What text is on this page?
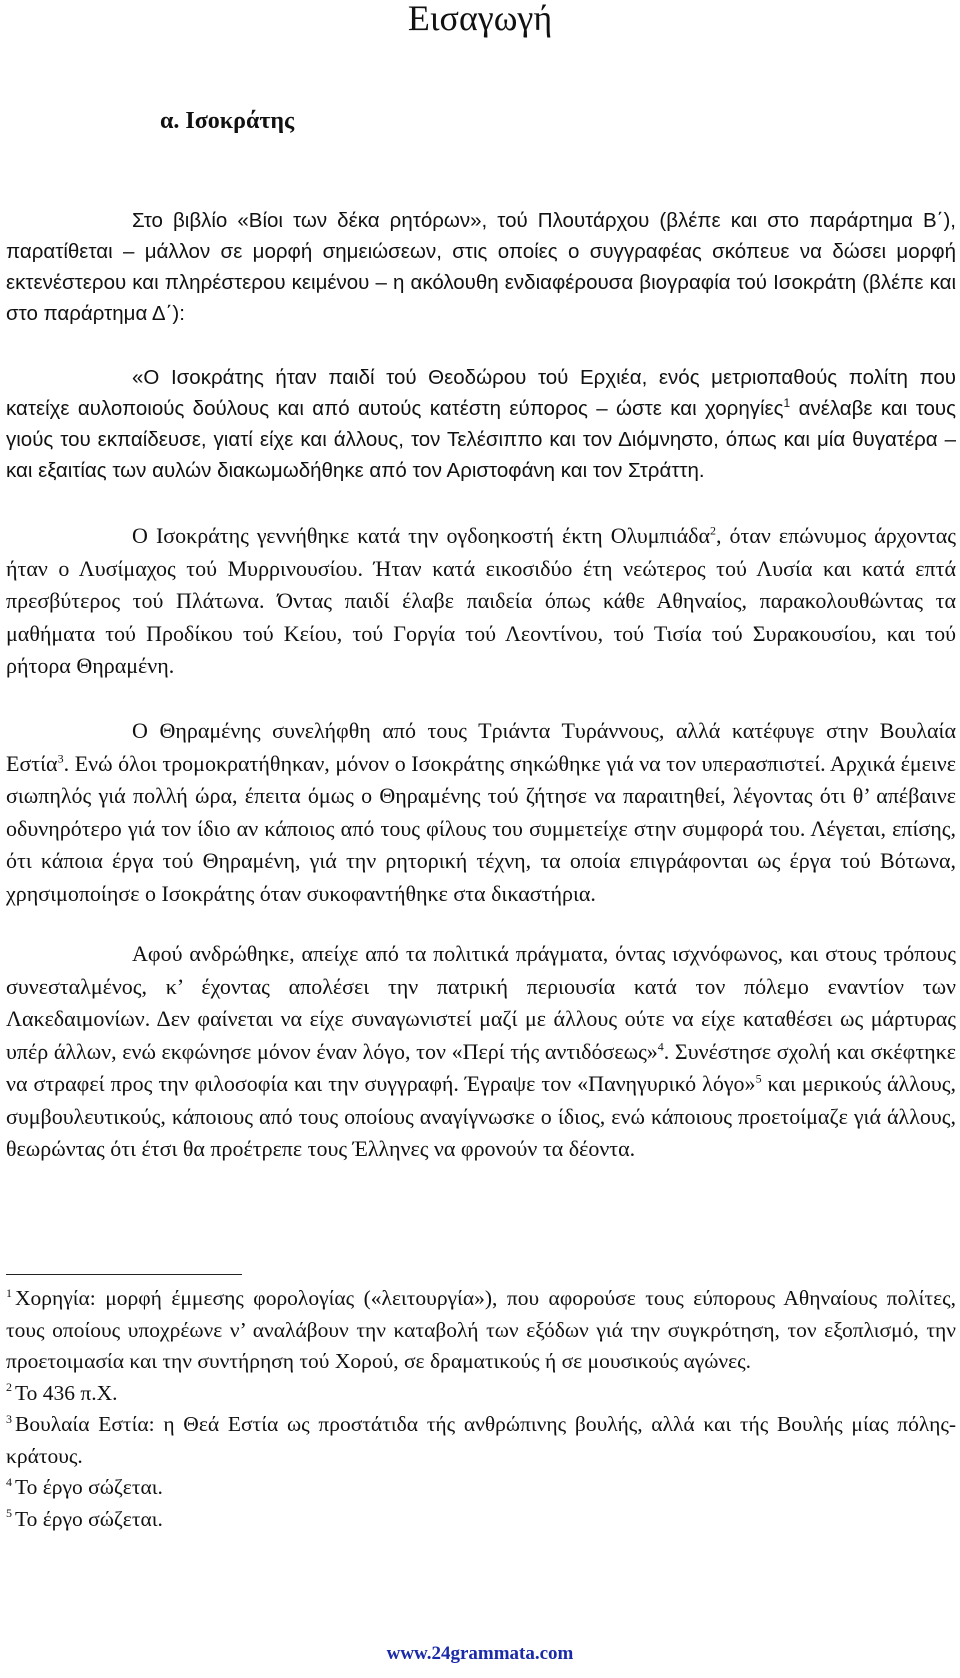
Εισαγωγή
α. Ισοκράτης

Στο βιβλίο «Βίοι των δέκα ρητόρων», τού Πλουτάρχου (βλέπε και στο παράρτημα Β΄), παρατίθεται – μάλλον σε μορφή σημειώσεων, στις οποίες ο συγγραφέας σκόπευε να δώσει μορφή εκτενέστερου και πληρέστερου κειμένου – η ακόλουθη ενδιαφέρουσα βιογραφία τού Ισοκράτη (βλέπε και στο παράρτημα Δ΄):

«Ο Ισοκράτης ήταν παιδί τού Θεοδώρου τού Ερχιέα, ενός μετριοπαθούς πολίτη που κατείχε αυλοποιούς δούλους και από αυτούς κατέστη εύπορος – ώστε και χορηγίες$^1$ ανέλαβε και τους γιούς του εκπαίδευσε, γιατί είχε και άλλους, τον Τελέσιππο και τον Διόμνηστο, όπως και μία θυγατέρα – και εξαιτίας των αυλών διακωμωδήθηκε από τον Αριστοφάνη και τον Στράττη.

Ο Ισοκράτης γεννήθηκε κατά την ογδοηκοστή έκτη Ολυμπιάδα$^2$, όταν επώνυμος άρχοντας ήταν ο Λυσίμαχος τού Μυρρινουσίου. Ήταν κατά εικοσιδύο έτη νεώτερος τού Λυσία και κατά επτά πρεσβύτερος τού Πλάτωνα. Όντας παιδί έλαβε παιδεία όπως κάθε Αθηναίος, παρακολουθώντας τα μαθήματα τού Προδίκου τού Κείου, τού Γοργία τού Λεοντίνου, τού Τισία τού Συρακουσίου, και τού ρήτορα Θηραμένη.

Ο Θηραμένης συνελήφθη από τους Τριάντα Τυράννους, αλλά κατέφυγε στην Βουλαία Εστία$^3$. Ενώ όλοι τρομοκρατήθηκαν, μόνον ο Ισοκράτης σηκώθηκε γιά να τον υπερασπιστεί. Αρχικά έμεινε σιωπηλός γιά πολλή ώρα, έπειτα όμως ο Θηραμένης τού ζήτησε να παραιτηθεί, λέγοντας ότι θ’ απέβαινε οδυνηρότερο γιά τον ίδιο αν κάποιος από τους φίλους του συμμετείχε στην συμφορά του. Λέγεται, επίσης, ότι κάποια έργα τού Θηραμένη, γιά την ρητορική τέχνη, τα οποία επιγράφονται ως έργα τού Βότωνα, χρησιμοποίησε ο Ισοκράτης όταν συκοφαντήθηκε στα δικαστήρια.

Αφού ανδρώθηκε, απείχε από τα πολιτικά πράγματα, όντας ισχνόφωνος, και στους τρόπους συνεσταλμένος, κ’ έχοντας απολέσει την πατρική περιουσία κατά τον πόλεμο εναντίον των Λακεδαιμονίων. Δεν φαίνεται να είχε συναγωνιστεί μαζί με άλλους ούτε να είχε καταθέσει ως μάρτυρας υπέρ άλλων, ενώ εκφώνησε μόνον έναν λόγο, τον «Περί τής αντιδόσεως»$^4$. Συνέστησε σχολή και σκέφτηκε να στραφεί προς την φιλοσοφία και την συγγραφή. Έγραψε τον «Πανηγυρικό λόγο»$^5$ και μερικούς άλλους, συμβουλευτικούς, κάποιους από τους οποίους αναγίγνωσκε ο ίδιος, ενώ κάποιους προετοίμαζε γιά άλλους, θεωρώντας ότι έτσι θα προέτρεπε τους Έλληνες να φρονούν τα δέοντα.

$^1$ Χορηγία: μορφή έμμεσης φορολογίας («λειτουργία»), που αφορούσε τους εύπορους Αθηναίους πολίτες, τους οποίους υποχρέωνε ν’ αναλάβουν την καταβολή των εξόδων γιά την συγκρότηση, τον εξοπλισμό, την προετοιμασία και την συντήρηση τού Χορού, σε δραματικούς ή σε μουσικούς αγώνες.
$^2$ Το 436 π.Χ.
$^3$ Βουλαία Εστία: η Θεά Εστία ως προστάτιδα τής ανθρώπινης βουλής, αλλά και τής Βουλής μίας πόλης-κράτους.
$^4$ Το έργο σώζεται.
$^5$ Το έργο σώζεται.
www.24grammata.com
